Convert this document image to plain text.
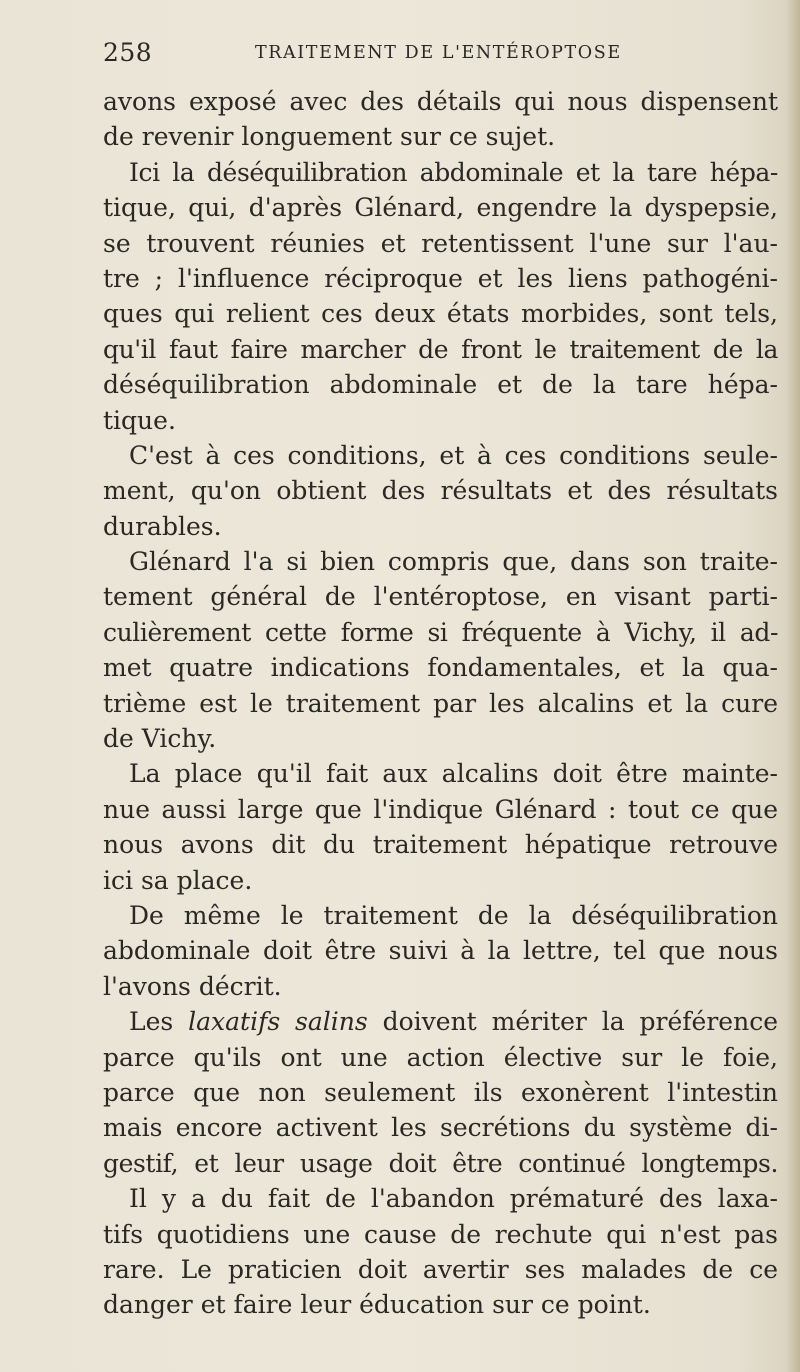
258	TRAITEMENT DE L'ENTÉROPTOSE
avons exposé avec des détails qui nous dispensent
de revenir longuement sur ce sujet.
Ici la déséquilibration abdominale et la tare hépa-
tique, qui, d'après Glénard, engendre la dyspepsie,
se trouvent réunies et retentissent l'une sur l'au-
tre ; l'influence réciproque et les liens pathogéni-
ques qui relient ces deux états morbides, sont tels,
qu'il faut faire marcher de front le traitement de la
déséquilibration abdominale et de la tare hépa-
tique.
C'est à ces conditions, et à ces conditions seule-
ment, qu'on obtient des résultats et des résultats
durables.
Glénard l'a si bien compris que, dans son traite-
tement général de l'entéroptose, en visant parti-
culièrement cette forme si fréquente à Vichy, il ad-
met quatre indications fondamentales, et la qua-
trième est le traitement par les alcalins et la cure
de Vichy.
La place qu'il fait aux alcalins doit être mainte-
nue aussi large que l'indique Glénard : tout ce que
nous avons dit du traitement hépatique retrouve
ici sa place.
De même le traitement de la déséquilibration
abdominale doit être suivi à la lettre, tel que nous
l'avons décrit.
Les laxatifs salins doivent mériter la préférence
parce qu'ils ont une action élective sur le foie,
parce que non seulement ils exonèrent l'intestin
mais encore activent les secrétions du système di-
gestif, et leur usage doit être continué longtemps.
Il y a du fait de l'abandon prématuré des laxa-
tifs quotidiens une cause de rechute qui n'est pas
rare. Le praticien doit avertir ses malades de ce
danger et faire leur éducation sur ce point.
